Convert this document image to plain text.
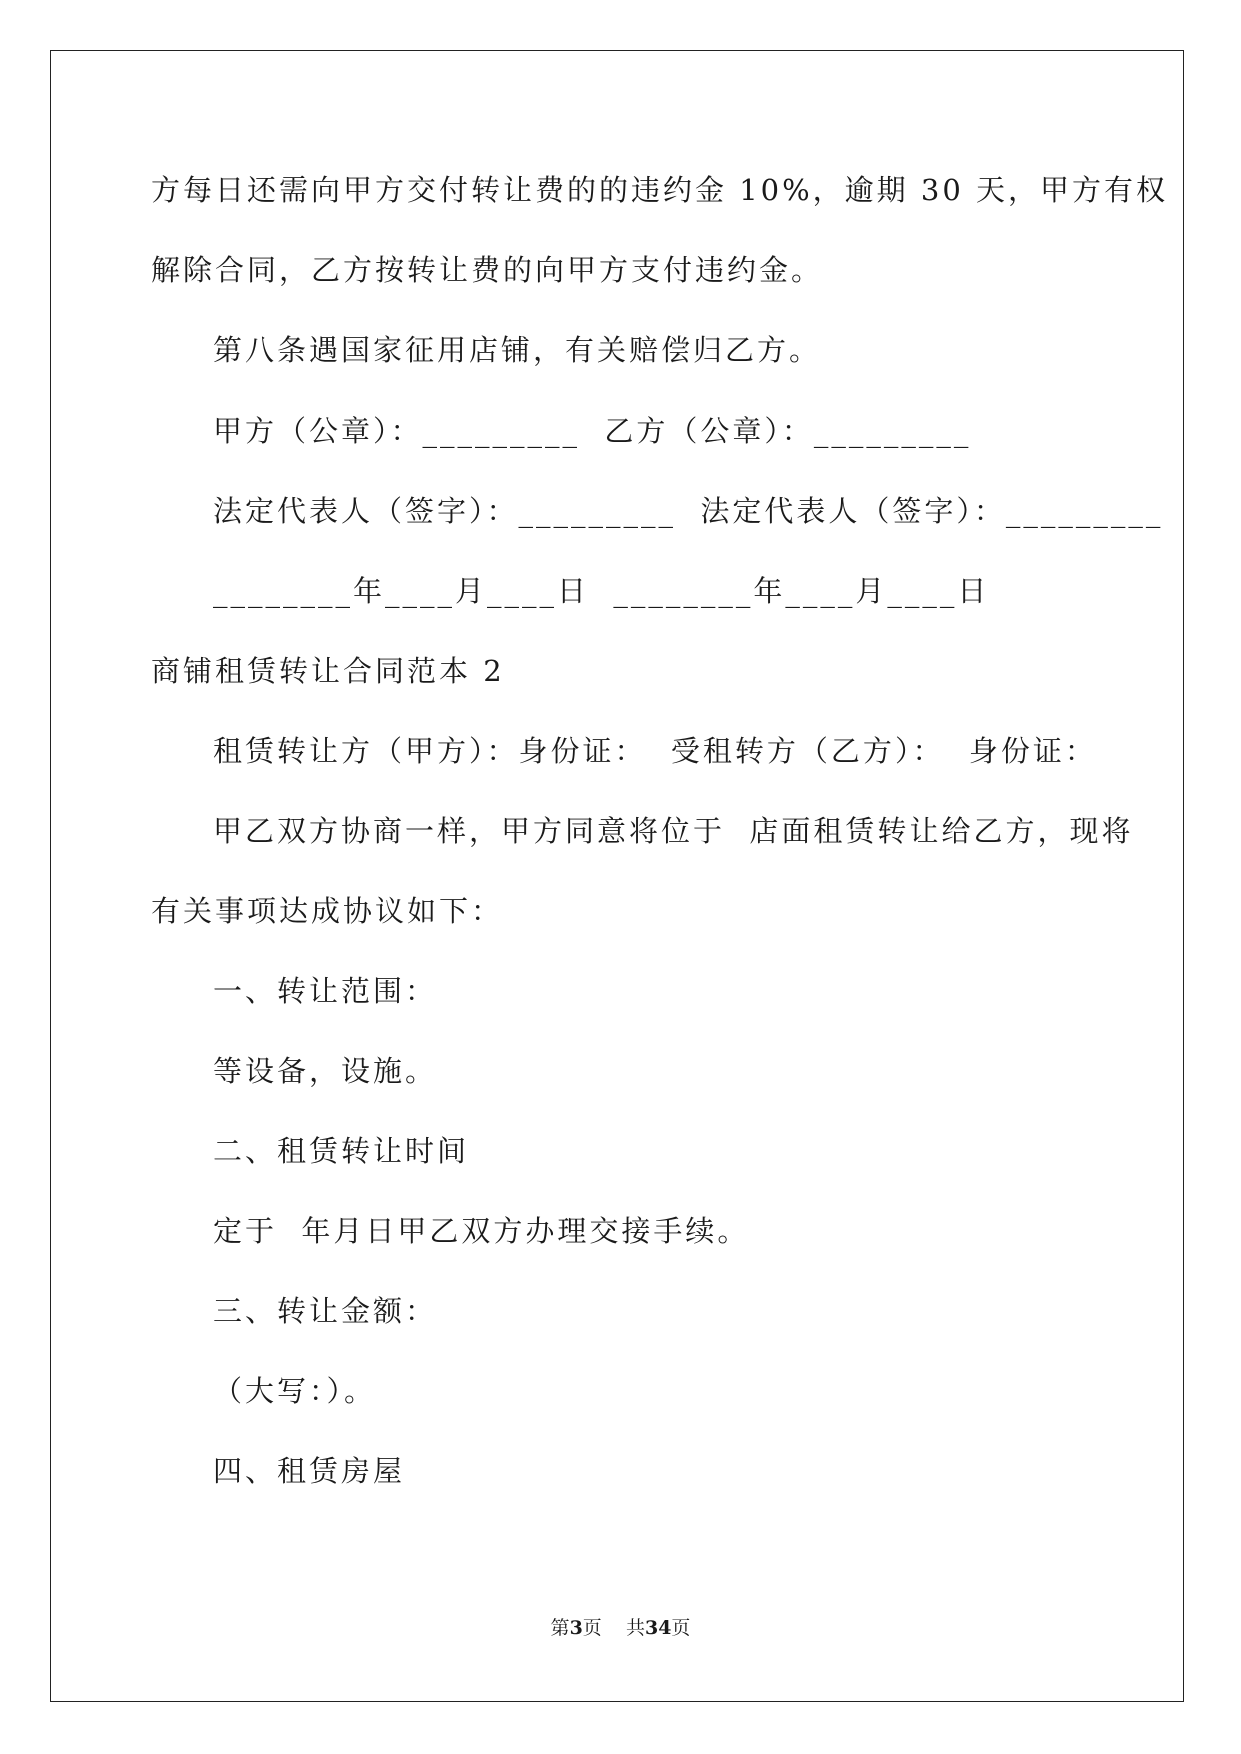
方每日还需向甲方交付转让费的的违约金 10%，逾期 30 天，甲方有权
解除合同，乙方按转让费的向甲方支付违约金。
第八条遇国家征用店铺，有关赔偿归乙方。
甲方（公章）：_________  乙方（公章）：_________
法定代表人（签字）：_________  法定代表人（签字）：_________
________年____月____日  ________年____月____日
商铺租赁转让合同范本 2
租赁转让方（甲方）：身份证：  受租转方（乙方）：  身份证：
甲乙双方协商一样，甲方同意将位于  店面租赁转让给乙方，现将
有关事项达成协议如下：
一、转让范围：
等设备，设施。
二、租赁转让时间
定于  年月日甲乙双方办理交接手续。
三、转让金额：
（大写：）。
四、租赁房屋
第3页    共34页
